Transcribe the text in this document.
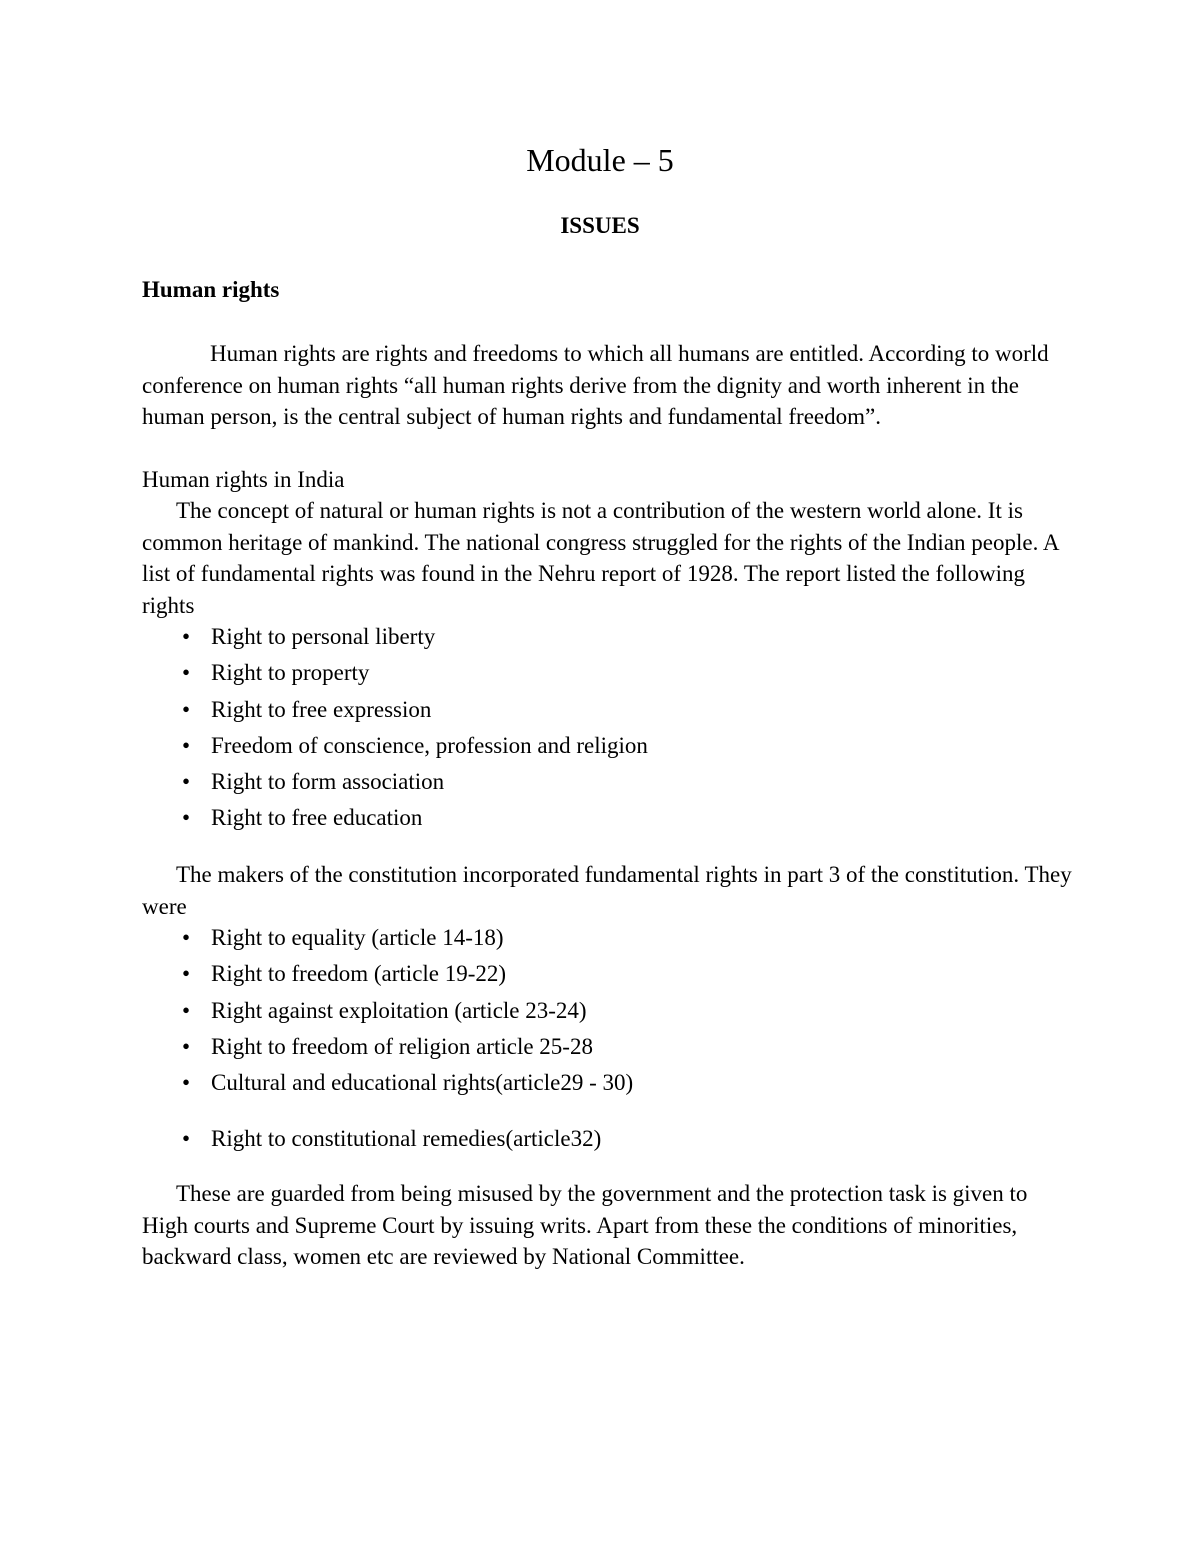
Module – 5
ISSUES
Human rights

Human rights are rights and freedoms to which all humans are entitled. According to world conference on human rights “all human rights derive from the dignity and worth inherent in the human person, is the central subject of human rights and fundamental freedom”.

Human rights in India

The concept of natural or human rights is not a contribution of the western world alone. It is common heritage of mankind. The national congress struggled for the rights of the Indian people. A list of fundamental rights was found in the Nehru report of 1928. The report listed the following rights

• Right to personal liberty
• Right to property
• Right to free expression
• Freedom of conscience, profession and religion
• Right to form association
• Right to free education

The makers of the constitution incorporated fundamental rights in part 3 of the constitution. They were

• Right to equality (article 14-18)
• Right to freedom (article 19-22)
• Right against exploitation (article 23-24)
• Right to freedom of religion article 25-28
• Cultural and educational rights(article29 - 30)
• Right to constitutional remedies(article32)

These are guarded from being misused by the government and the protection task is given to High courts and Supreme Court by issuing writs. Apart from these the conditions of minorities, backward class, women etc are reviewed by National Committee.
